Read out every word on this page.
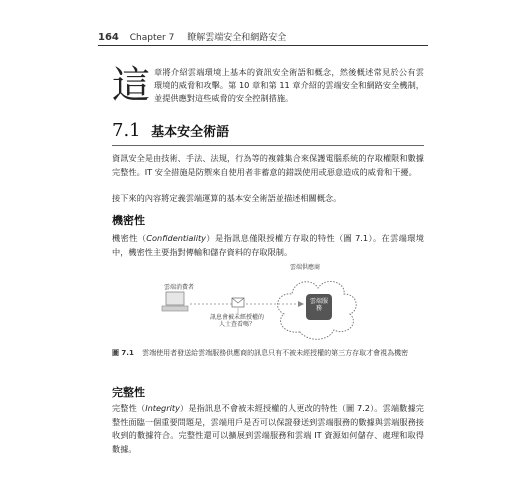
164 Chapter 7 瞭解雲端安全和網路安全
這 章將介紹雲端環境上基本的資訊安全術語和概念，然後概述常見於公有雲環境的威脅和攻擊。第 10 章和第 11 章介紹的雲端安全和網路安全機制，並提供應對這些威脅的安全控制措施。

7.1 基本安全術語

資訊安全是由技術、手法、法規，行為等的複雜集合來保護電腦系統的存取權限和數據完整性。IT 安全措施是防禦來自使用者非蓄意的錯誤使用或惡意造成的威脅和干擾。

接下來的內容將定義雲端運算的基本安全術語並描述相關概念。

機密性

機密性（Confidentiality）是指訊息僅限授權方存取的特性（圖 7.1）。在雲端環境中，機密性主要指對傳輸和儲存資料的存取限制。

雲端消費者
雲端供應商
雲端服務
訊息會被未經授權的人士查看嗎？
圖 7.1 雲端使用者發送給雲端服務供應商的訊息只有不被未經授權的第三方存取才會視為機密
完整性

完整性（Integrity）是指訊息不會被未經授權的人更改的特性（圖 7.2）。雲端數據完整性面臨一個重要問題是，雲端用戶是否可以保證發送到雲端服務的數據與雲端服務接收到的數據符合。完整性還可以擴展到雲端服務和雲端 IT 資源如何儲存、處理和取得數據。
